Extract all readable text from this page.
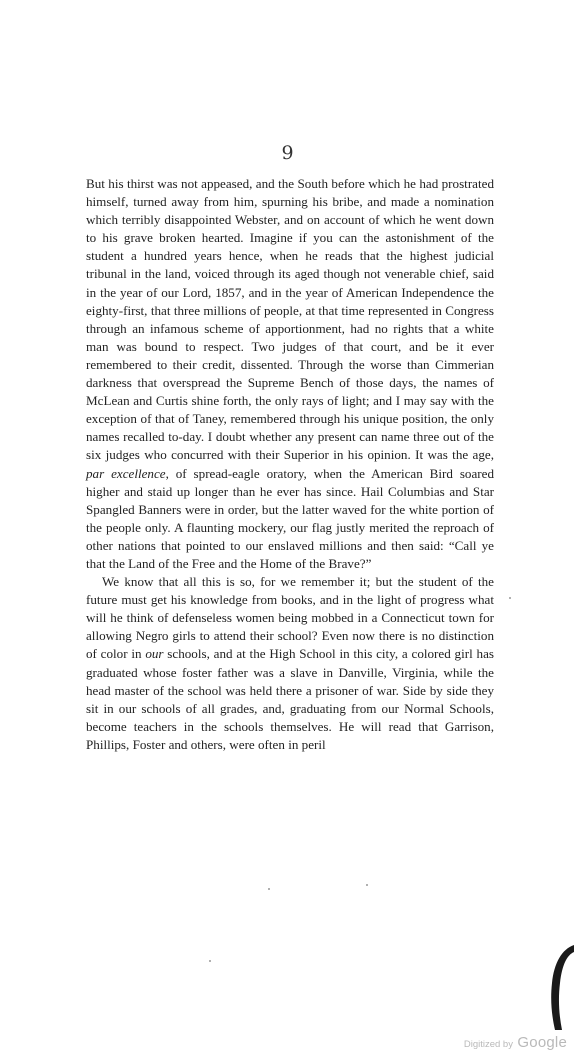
9

But his thirst was not appeased, and the South before which he had prostrated himself, turned away from him, spurning his bribe, and made a nomination which terribly disappointed Webster, and on account of which he went down to his grave broken hearted. Imagine if you can the astonishment of the student a hundred years hence, when he reads that the highest judicial tribunal in the land, voiced through its aged though not venerable chief, said in the year of our Lord, 1857, and in the year of American Independence the eighty-first, that three millions of people, at that time represented in Congress through an infamous scheme of apportionment, had no rights that a white man was bound to respect. Two judges of that court, and be it ever remembered to their credit, dissented. Through the worse than Cimmerian darkness that overspread the Supreme Bench of those days, the names of McLean and Curtis shine forth, the only rays of light; and I may say with the exception of that of Taney, remembered through his unique position, the only names recalled to-day. I doubt whether any present can name three out of the six judges who concurred with their Superior in his opinion. It was the age, par excellence, of spread-eagle oratory, when the American Bird soared higher and staid up longer than he ever has since. Hail Columbias and Star Spangled Banners were in order, but the latter waved for the white portion of the people only. A flaunting mockery, our flag justly merited the reproach of other nations that pointed to our enslaved millions and then said: “Call ye that the Land of the Free and the Home of the Brave?”

We know that all this is so, for we remember it; but the student of the future must get his knowledge from books, and in the light of progress what will he think of defenseless women being mobbed in a Connecticut town for allowing Negro girls to attend their school? Even now there is no distinction of color in our schools, and at the High School in this city, a colored girl has graduated whose foster father was a slave in Danville, Virginia, while the head master of the school was held there a prisoner of war. Side by side they sit in our schools of all grades, and, graduating from our Normal Schools, become teachers in the schools themselves. He will read that Garrison, Phillips, Foster and others, were often in peril

Digitized by Google
